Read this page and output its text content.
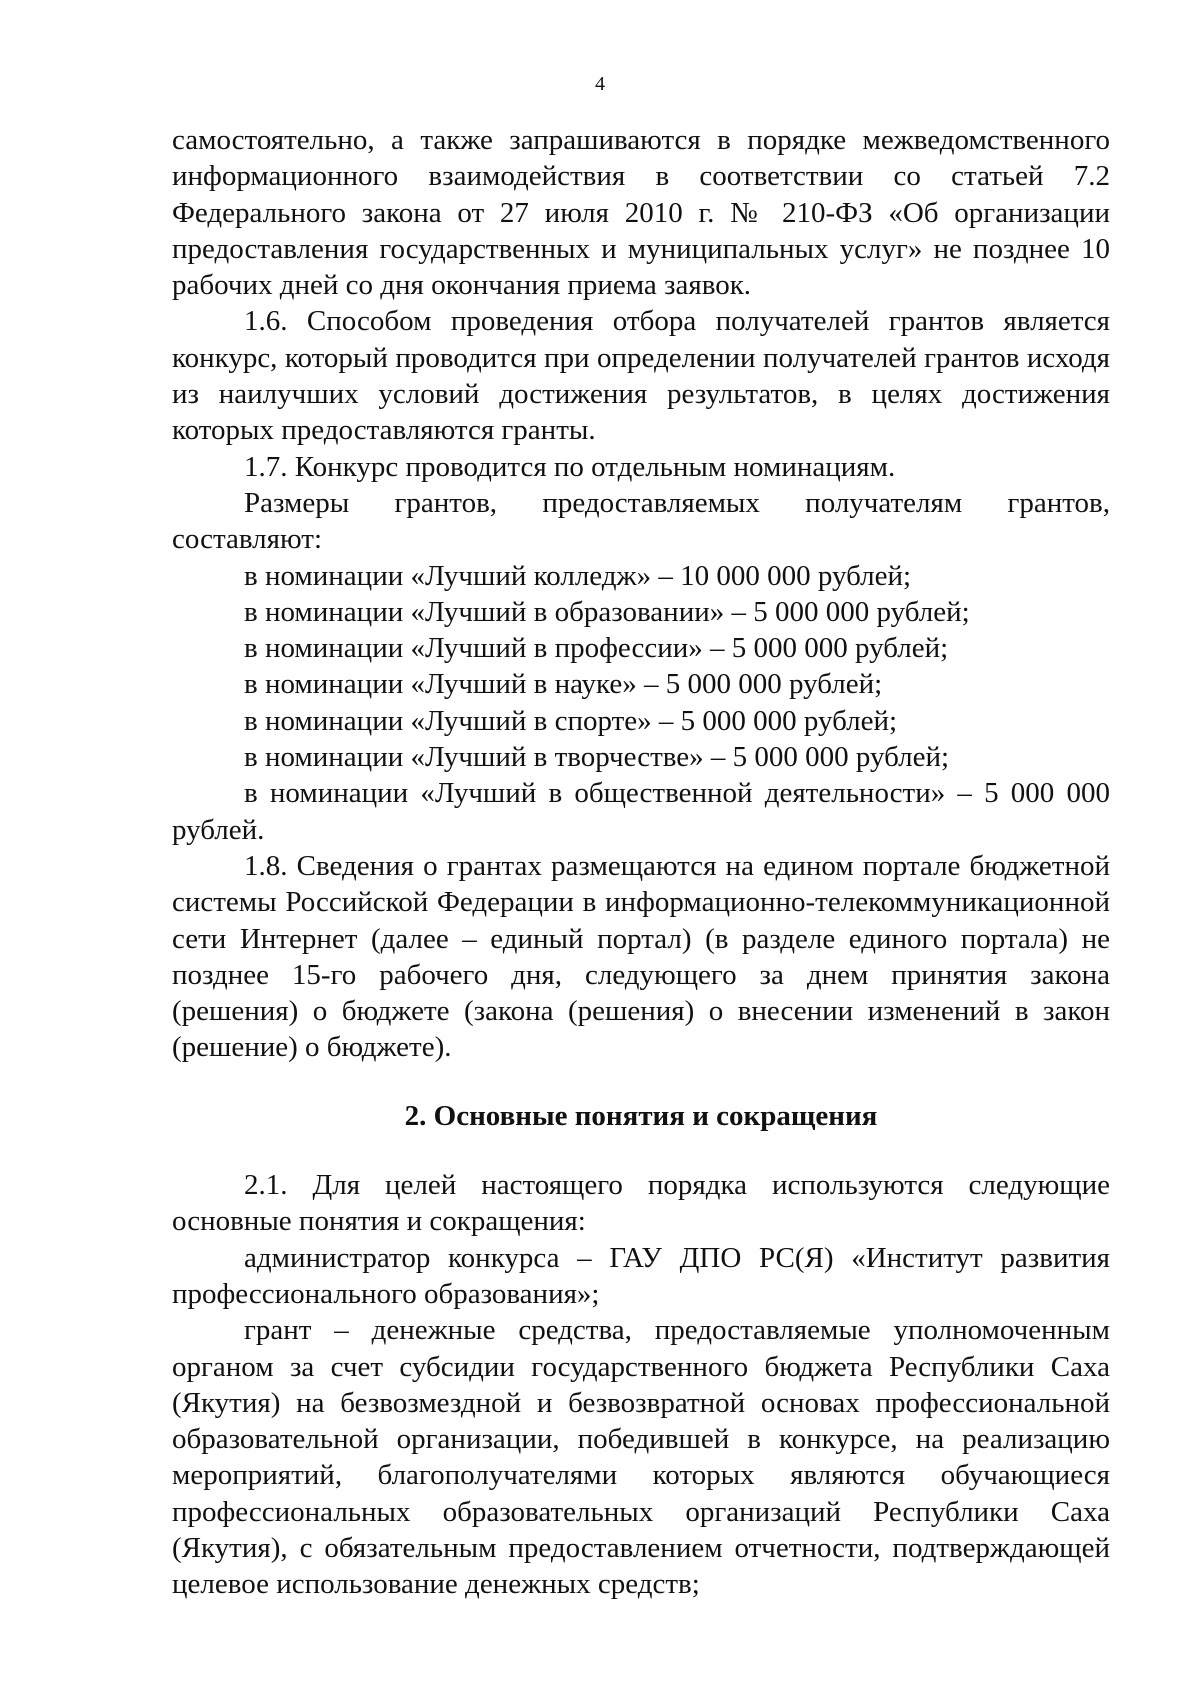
4

самостоятельно, а также запрашиваются в порядке межведомственного информационного взаимодействия в соответствии со статьей 7.2 Федерального закона от 27 июля 2010 г. № 210-ФЗ «Об организации предоставления государственных и муниципальных услуг» не позднее 10 рабочих дней со дня окончания приема заявок.

1.6. Способом проведения отбора получателей грантов является конкурс, который проводится при определении получателей грантов исходя из наилучших условий достижения результатов, в целях достижения которых предоставляются гранты.

1.7. Конкурс проводится по отдельным номинациям.

Размеры грантов, предоставляемых получателям грантов, составляют:

в номинации «Лучший колледж» – 10 000 000 рублей;

в номинации «Лучший в образовании» – 5 000 000 рублей;

в номинации «Лучший в профессии» – 5 000 000 рублей;

в номинации «Лучший в науке» – 5 000 000 рублей;

в номинации «Лучший в спорте» – 5 000 000 рублей;

в номинации «Лучший в творчестве» – 5 000 000 рублей;

в номинации «Лучший в общественной деятельности» – 5 000 000 рублей.

1.8. Сведения о грантах размещаются на едином портале бюджетной системы Российской Федерации в информационно-телекоммуникационной сети Интернет (далее – единый портал) (в разделе единого портала) не позднее 15-го рабочего дня, следующего за днем принятия закона (решения) о бюджете (закона (решения) о внесении изменений в закон (решение) о бюджете).

2. Основные понятия и сокращения

2.1. Для целей настоящего порядка используются следующие основные понятия и сокращения:

администратор конкурса – ГАУ ДПО РС(Я) «Институт развития профессионального образования»;

грант – денежные средства, предоставляемые уполномоченным органом за счет субсидии государственного бюджета Республики Саха (Якутия) на безвозмездной и безвозвратной основах профессиональной образовательной организации, победившей в конкурсе, на реализацию мероприятий, благополучателями которых являются обучающиеся профессиональных образовательных организаций Республики Саха (Якутия), с обязательным предоставлением отчетности, подтверждающей целевое использование денежных средств;
